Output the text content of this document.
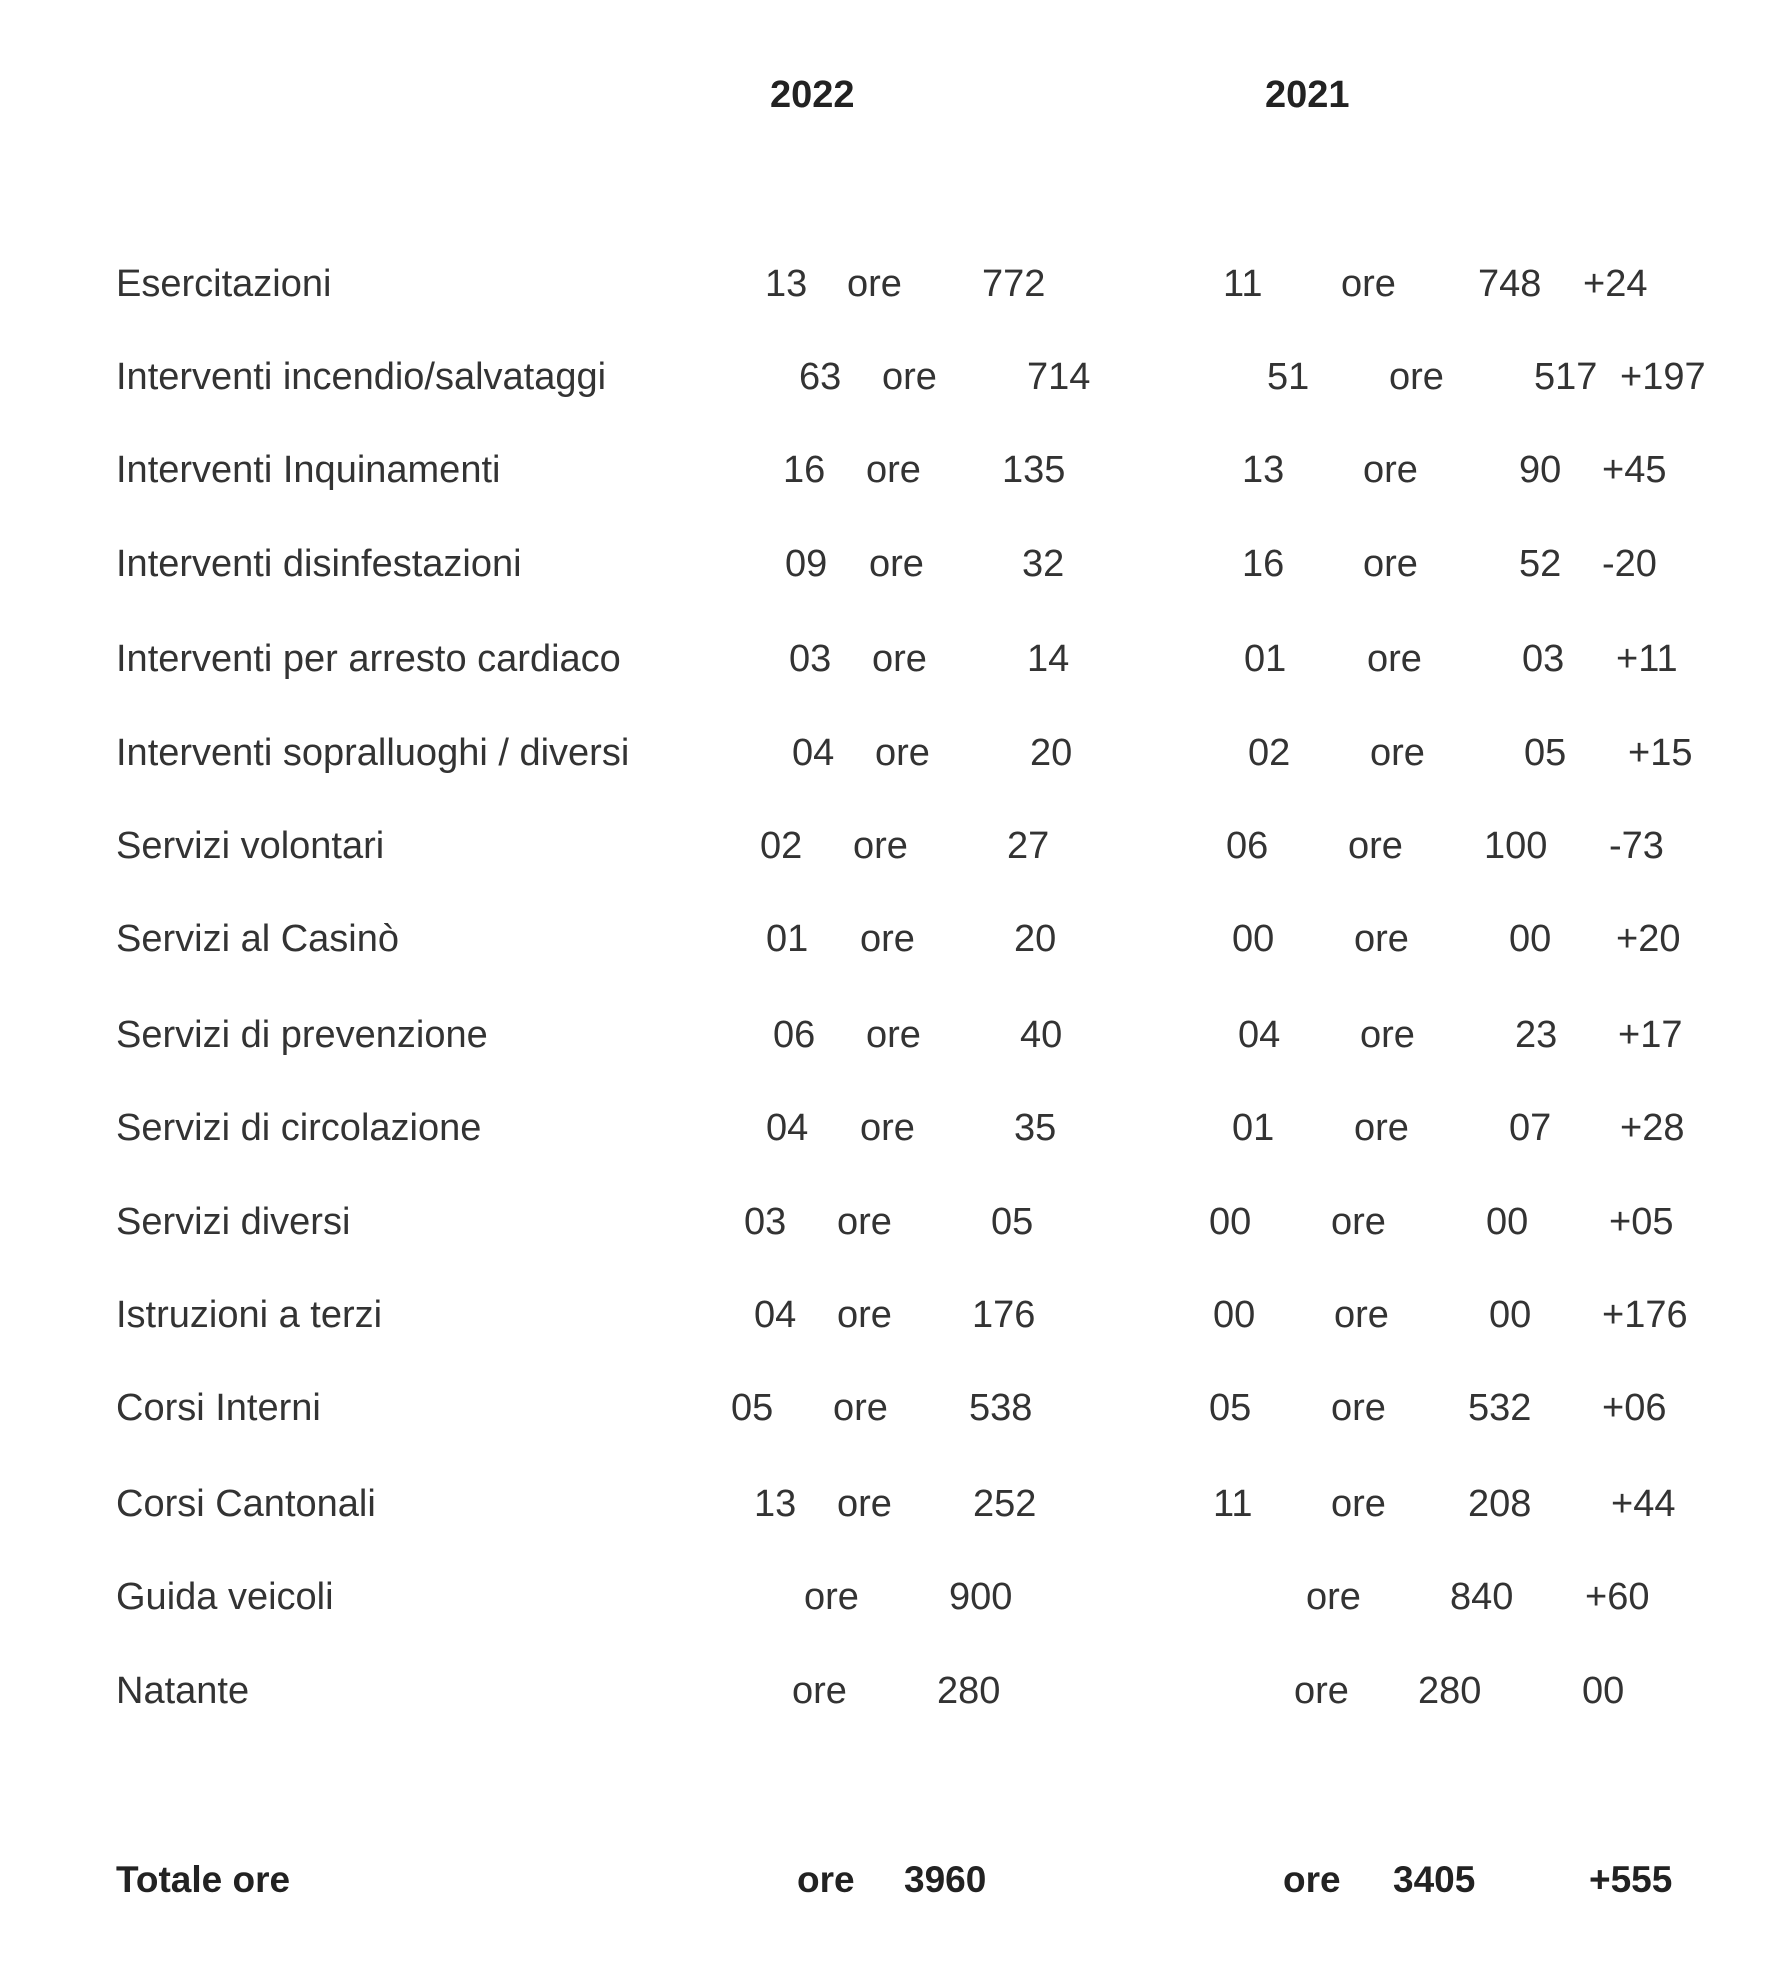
2022	2021
Esercitazioni	13 ore 772	11 ore 748 +24
Interventi incendio/salvataggi	63 ore 714	51 ore 517 +197
Interventi Inquinamenti	16 ore 135	13 ore	90 +45
Interventi disinfestazioni	09 ore	32	16 ore	52 -20
Interventi per arresto cardiaco	03 ore	14	01 ore	03 +11
Interventi sopralluoghi / diversi	04 ore	20	02 ore	05 +15
Servizi volontari	02 ore	27	06 ore 100 -73
Servizi al Casinò	01 ore	20	00 ore	00 +20
Servizi di prevenzione	06 ore	40	04 ore	23 +17
Servizi di circolazione	04 ore	35	01 ore	07 +28
Servizi diversi	03 ore	05	00 ore	00 +05
Istruzioni a terzi	04 ore 176	00 ore	00 +176
Corsi Interni	05 ore 538	05 ore 532 +06
Corsi Cantonali	13 ore 252	11 ore 208 +44
Guida veicoli	ore 900	ore 840 +60
Natante	ore 280	ore 280	00
Totale ore	ore 3960	ore 3405	+555
